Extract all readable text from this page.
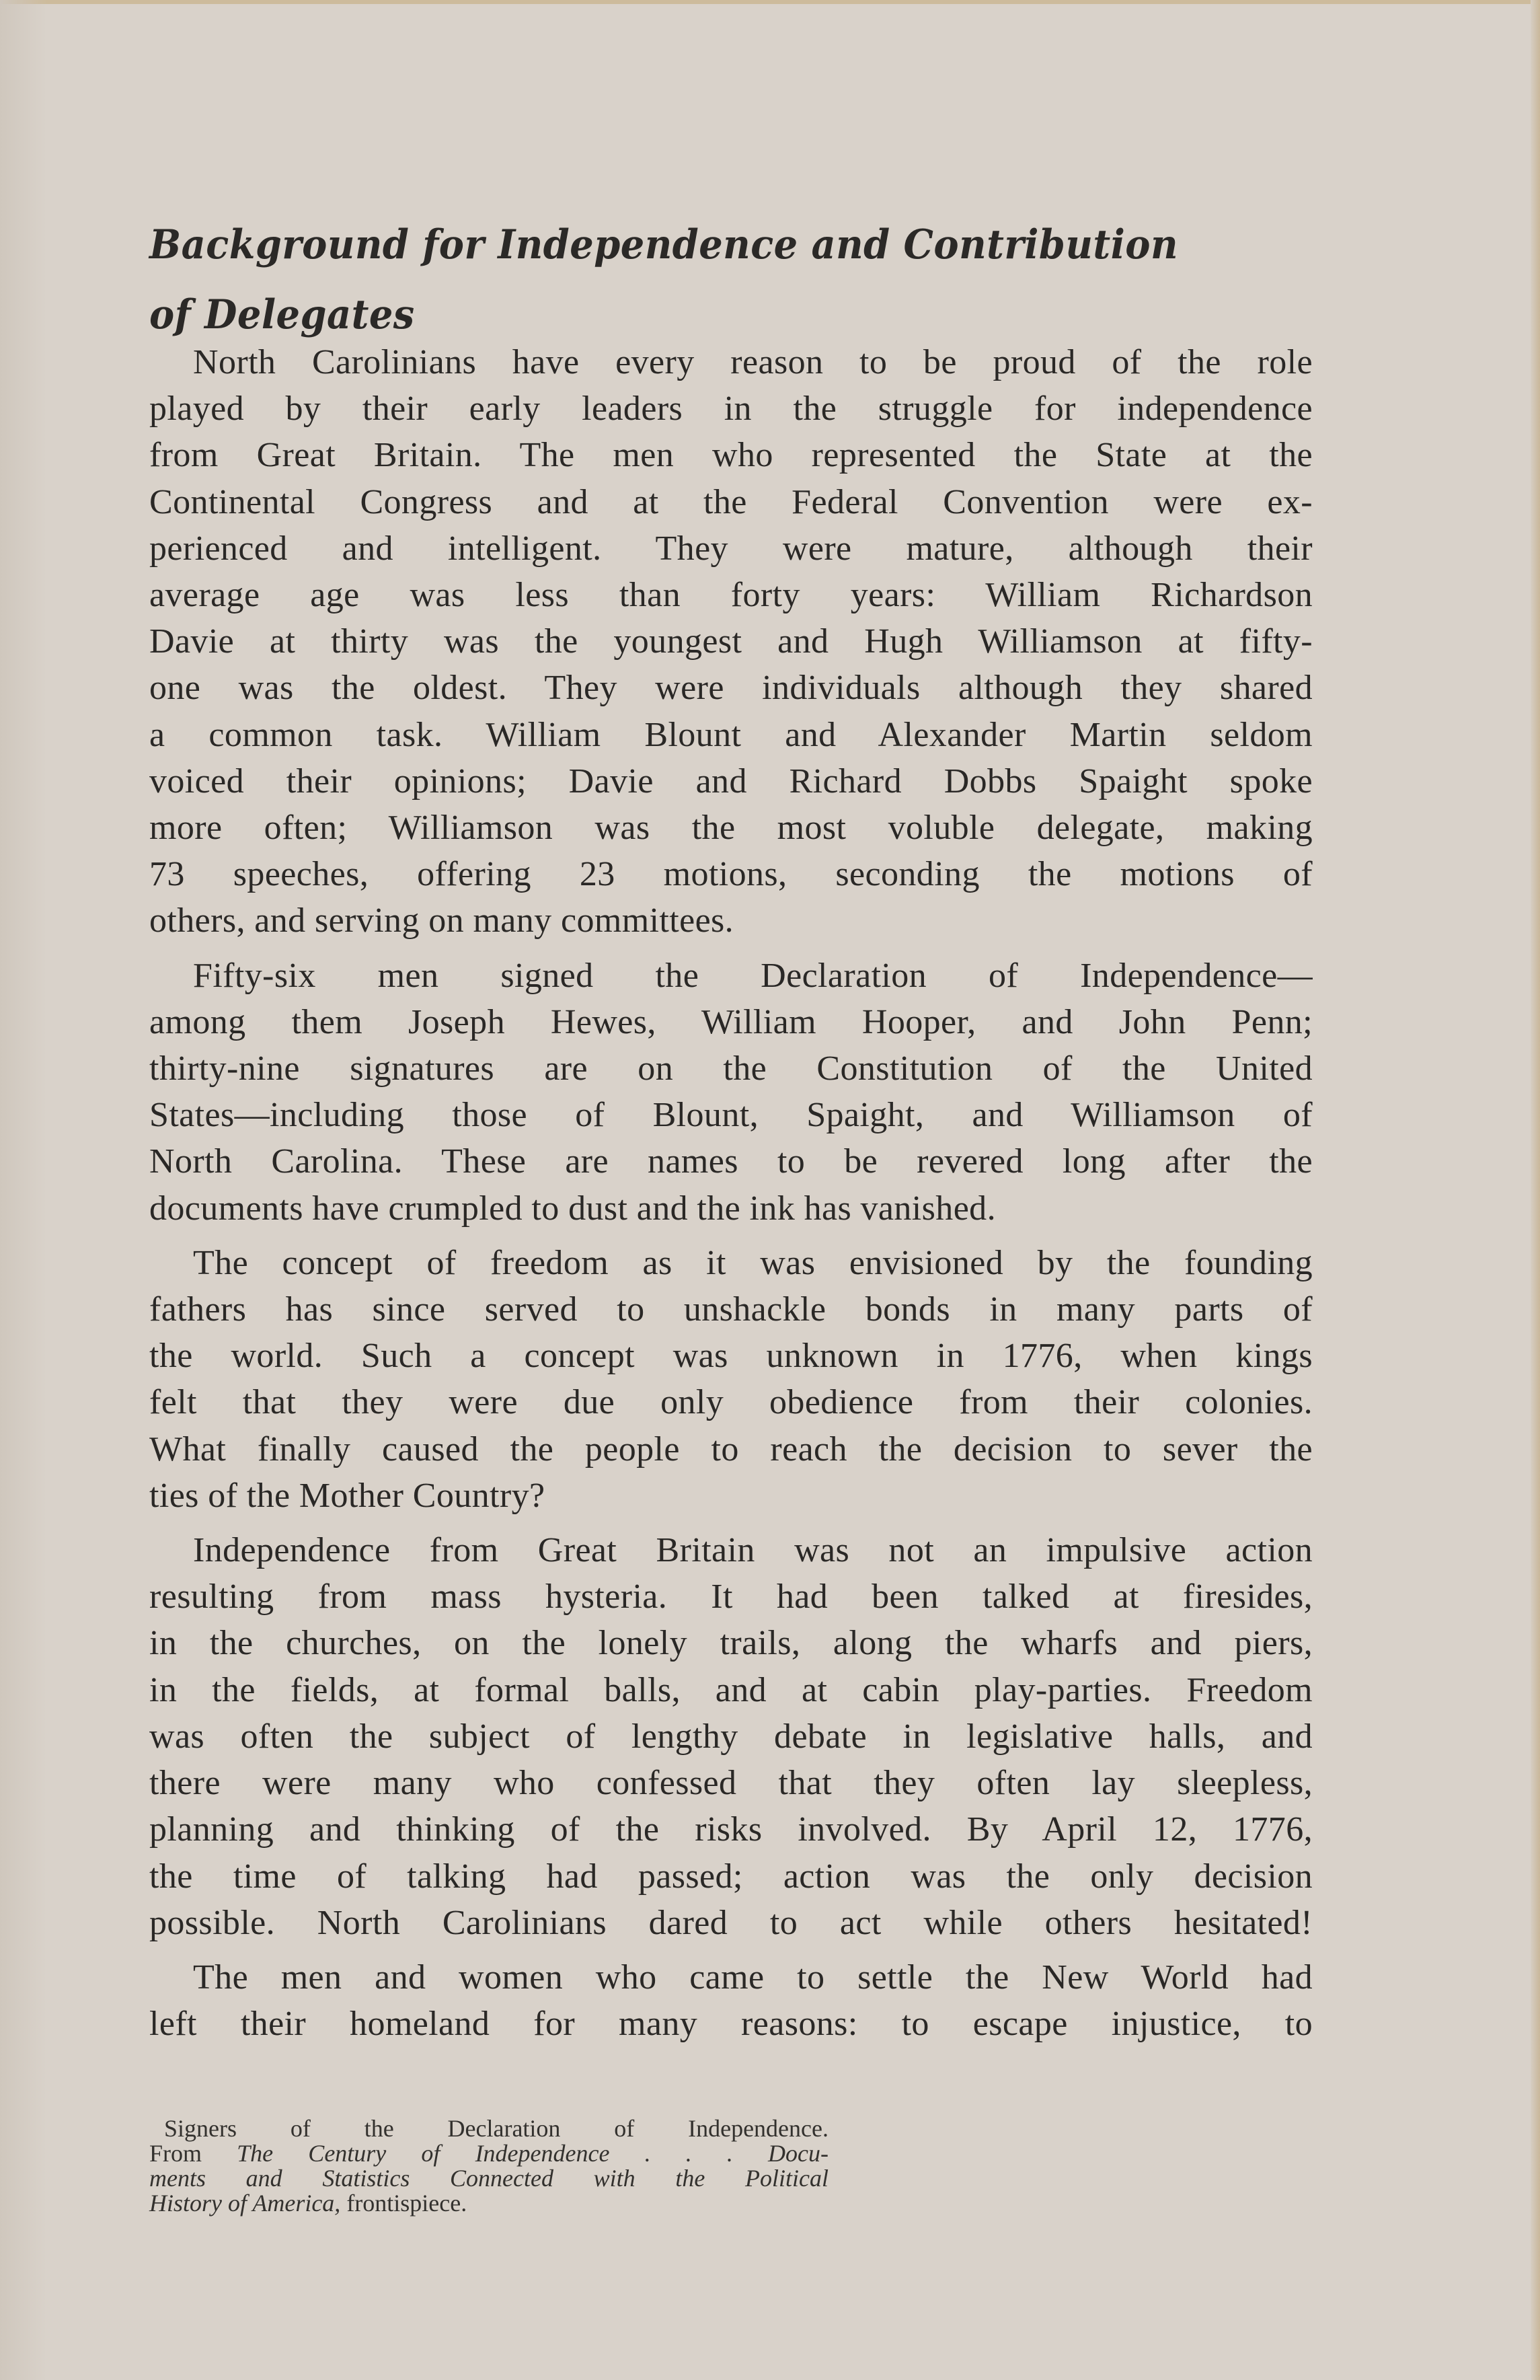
Background for Independence and Contribution
of Delegates
North Carolinians have every reason to be proud of the role
played by their early leaders in the struggle for independence
from Great Britain. The men who represented the State at the
Continental Congress and at the Federal Convention were ex-
perienced and intelligent. They were mature, although their
average age was less than forty years: William Richardson
Davie at thirty was the youngest and Hugh Williamson at fifty-
one was the oldest. They were individuals although they shared
a common task. William Blount and Alexander Martin seldom
voiced their opinions; Davie and Richard Dobbs Spaight spoke
more often; Williamson was the most voluble delegate, making
73 speeches, offering 23 motions, seconding the motions of
others, and serving on many committees.
Fifty-six men signed the Declaration of Independence—
among them Joseph Hewes, William Hooper, and John Penn;
thirty-nine signatures are on the Constitution of the United
States—including those of Blount, Spaight, and Williamson of
North Carolina. These are names to be revered long after the
documents have crumpled to dust and the ink has vanished.
The concept of freedom as it was envisioned by the founding
fathers has since served to unshackle bonds in many parts of
the world. Such a concept was unknown in 1776, when kings
felt that they were due only obedience from their colonies.
What finally caused the people to reach the decision to sever the
ties of the Mother Country?
Independence from Great Britain was not an impulsive action
resulting from mass hysteria. It had been talked at firesides,
in the churches, on the lonely trails, along the wharfs and piers,
in the fields, at formal balls, and at cabin play-parties. Freedom
was often the subject of lengthy debate in legislative halls, and
there were many who confessed that they often lay sleepless,
planning and thinking of the risks involved. By April 12, 1776,
the time of talking had passed; action was the only decision
possible. North Carolinians dared to act while others hesitated!
The men and women who came to settle the New World had
left their homeland for many reasons: to escape injustice, to
Signers of the Declaration of Independence.
From The Century of Independence . . . Docu-
ments and Statistics Connected with the Political
History of America, frontispiece.
